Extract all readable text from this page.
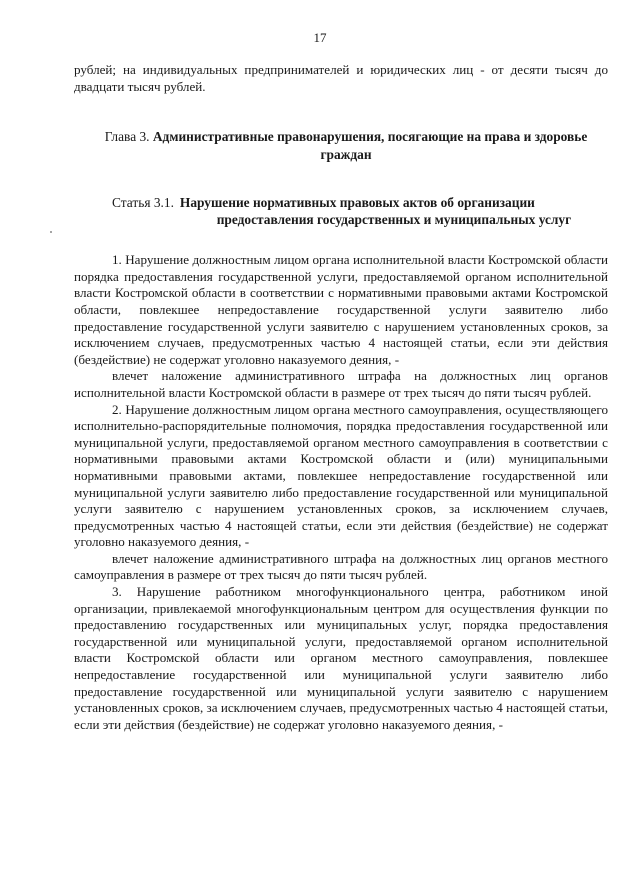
17

рублей; на индивидуальных предпринимателей и юридических лиц - от десяти тысяч до двадцати тысяч рублей.

Глава 3. Административные правонарушения, посягающие на права и здоровье граждан
Статья 3.1. Нарушение нормативных правовых актов об организации
предоставления государственных и муниципальных услуг

1. Нарушение должностным лицом органа исполнительной власти Костромской области порядка предоставления государственной услуги, предоставляемой органом исполнительной власти Костромской области в соответствии с нормативными правовыми актами Костромской области, повлекшее непредоставление государственной услуги заявителю либо предоставление государственной услуги заявителю с нарушением установленных сроков, за исключением случаев, предусмотренных частью 4 настоящей статьи, если эти действия (бездействие) не содержат уголовно наказуемого деяния, -

влечет наложение административного штрафа на должностных лиц органов исполнительной власти Костромской области в размере от трех тысяч до пяти тысяч рублей.

2. Нарушение должностным лицом органа местного самоуправления, осуществляющего исполнительно-распорядительные полномочия, порядка предоставления государственной или муниципальной услуги, предоставляемой органом местного самоуправления в соответствии с нормативными правовыми актами Костромской области и (или) муниципальными нормативными правовыми актами, повлекшее непредоставление государственной или муниципальной услуги заявителю либо предоставление государственной или муниципальной услуги заявителю с нарушением установленных сроков, за исключением случаев, предусмотренных частью 4 настоящей статьи, если эти действия (бездействие) не содержат уголовно наказуемого деяния, -

влечет наложение административного штрафа на должностных лиц органов местного самоуправления в размере от трех тысяч до пяти тысяч рублей.

3. Нарушение работником многофункционального центра, работником иной организации, привлекаемой многофункциональным центром для осуществления функции по предоставлению государственных или муниципальных услуг, порядка предоставления государственной или муниципальной услуги, предоставляемой органом исполнительной власти Костромской области или органом местного самоуправления, повлекшее непредоставление государственной или муниципальной услуги заявителю либо предоставление государственной или муниципальной услуги заявителю с нарушением установленных сроков, за исключением случаев, предусмотренных частью 4 настоящей статьи, если эти действия (бездействие) не содержат уголовно наказуемого деяния, -
